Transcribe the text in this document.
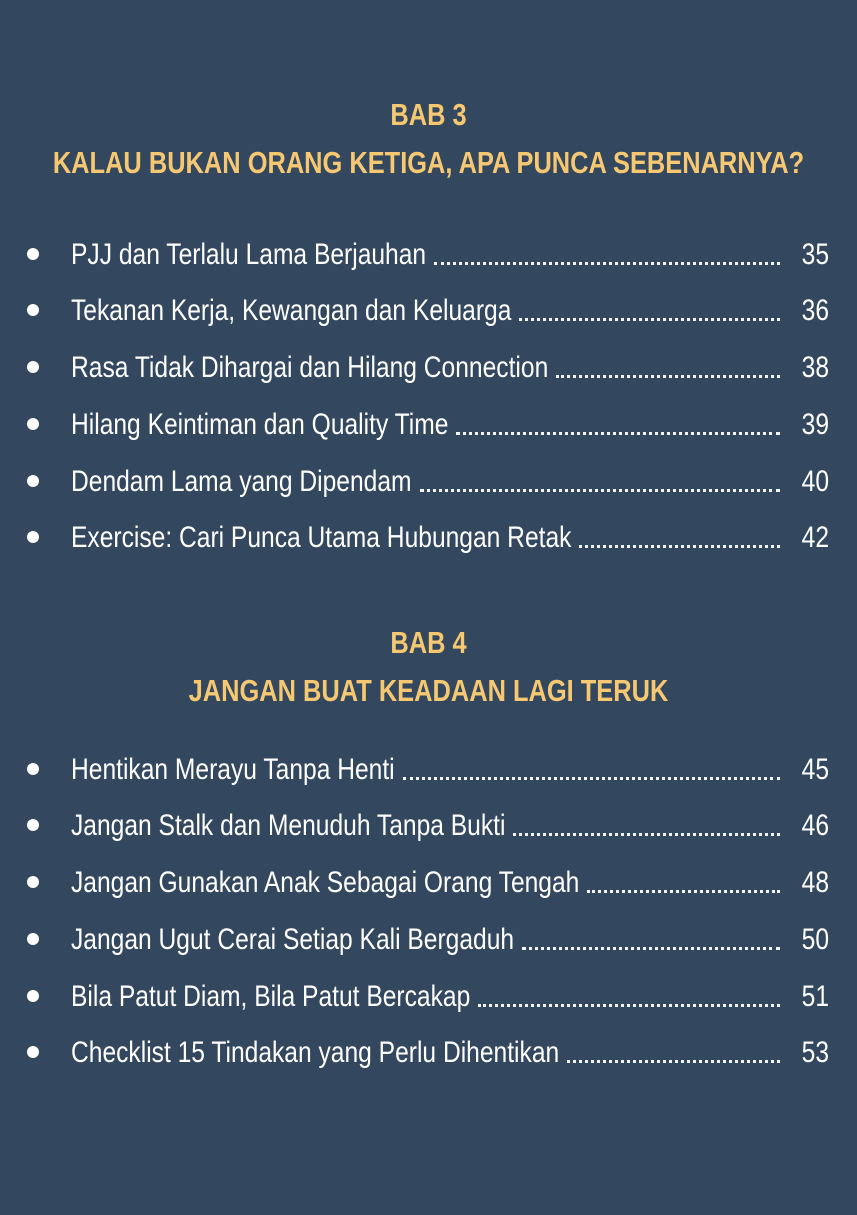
BAB 3
KALAU BUKAN ORANG KETIGA, APA PUNCA SEBENARNYA?
PJJ dan Terlalu Lama Berjauhan	35
Tekanan Kerja, Kewangan dan Keluarga	36
Rasa Tidak Dihargai dan Hilang Connection	38
Hilang Keintiman dan Quality Time	39
Dendam Lama yang Dipendam	40
Exercise: Cari Punca Utama Hubungan Retak	42
BAB 4
JANGAN BUAT KEADAAN LAGI TERUK
Hentikan Merayu Tanpa Henti	45
Jangan Stalk dan Menuduh Tanpa Bukti	46
Jangan Gunakan Anak Sebagai Orang Tengah	48
Jangan Ugut Cerai Setiap Kali Bergaduh	50
Bila Patut Diam, Bila Patut Bercakap	51
Checklist 15 Tindakan yang Perlu Dihentikan	53
